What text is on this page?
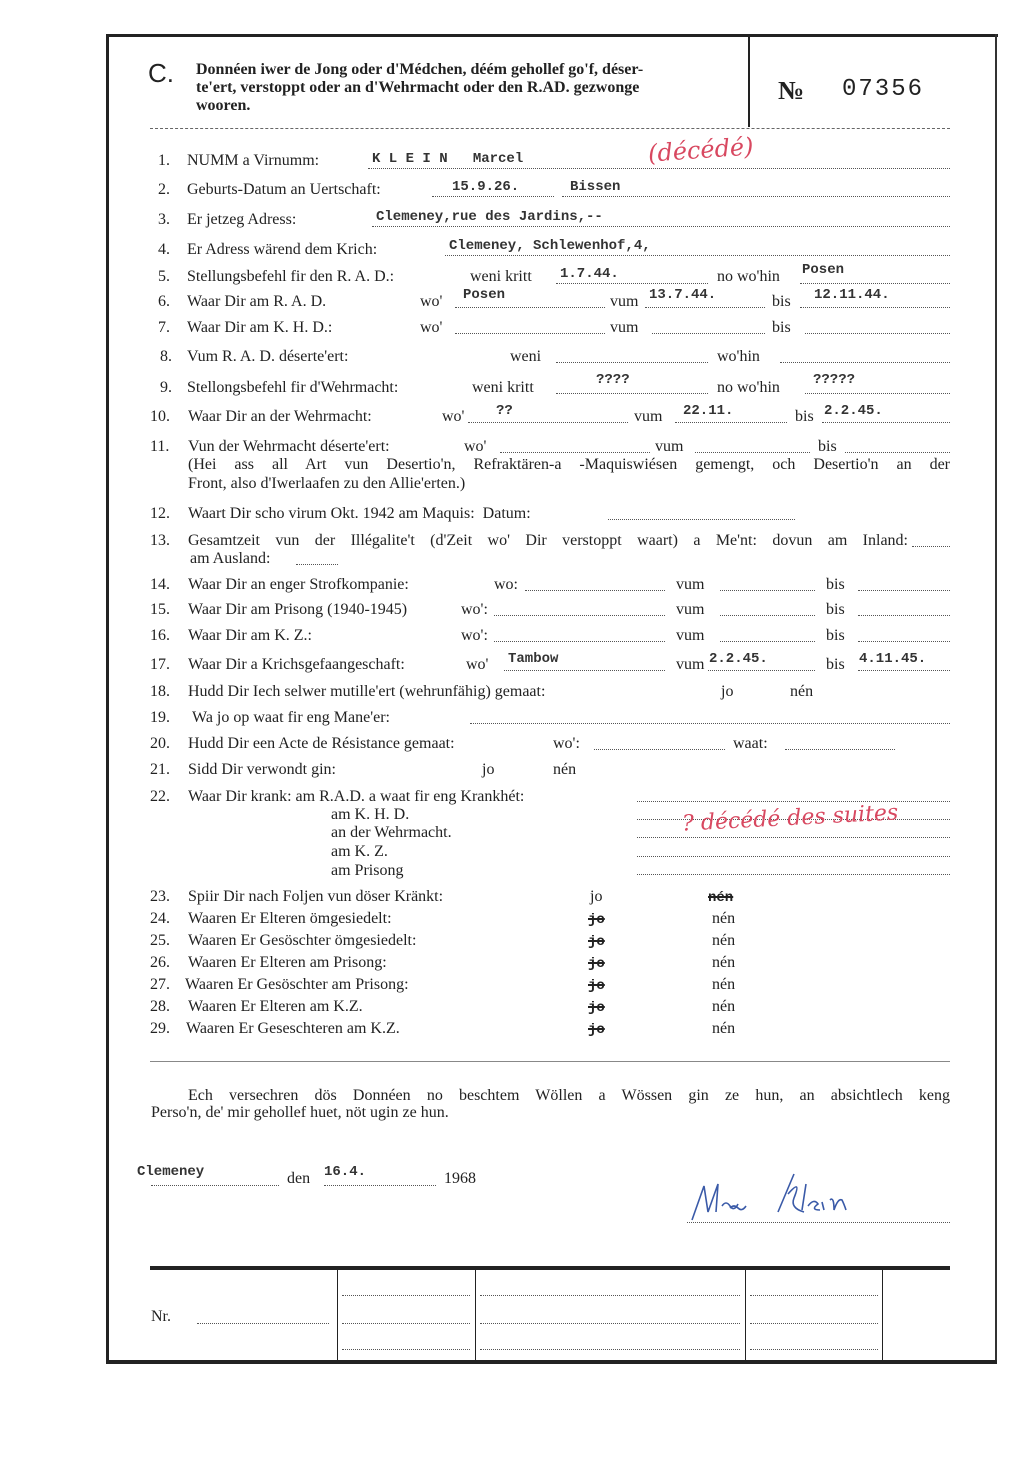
C. Donnéen iwer de Jong oder d'Médchen, déém gehollef go'f, déser-
te'ert, verstoppt oder an d'Wehrmacht oder den R.AD. gezwonge
wooren.
№ 07356
1. NUMM a Virnumm:	K L E I N   Marcel	(décédé)
2. Geburts-Datum an Uertschaft:	15.9.26.	Bissen
3. Er jetzeg Adress:	Clemeney,rue des Jardins,--
4. Er Adress wärend dem Krich:	Clemeney, Schlewenhof,4,
5. Stellungsbefehl fir den R. A. D.:	weni kritt 1.7.44.	no wo'hin Posen
6. Waar Dir am R. A. D.	wo' Posen	vum 13.7.44.	bis 12.11.44.
7. Waar Dir am K. H. D.:	wo'	vum	bis
8. Vum R. A. D. déserte'ert:	weni	wo'hin
9. Stellongsbefehl fir d'Wehrmacht:	weni kritt	????	no wo'hin ?????
10. Waar Dir an der Wehrmacht:	wo' ??	vum 22.11.	bis 2.2.45.
11. Vun der Wehrmacht déserte'ert:	wo'	vum	bis
(Hei ass all Art vun Desertio'n, Refraktären-a -Maquiswiésen gemengt, och Desertio'n an der
Front, also d'Iwerlaafen zu den Allie'erten.)
12. Waart Dir scho virum Okt. 1942 am Maquis:  Datum:
13. Gesamtzeit vun der Illégalite't (d'Zeit wo' Dir verstoppt waart) a Me'nt: dovun am Inland:
am Ausland:
14. Waar Dir an enger Strofkompanie:	wo:	vum	bis
15. Waar Dir am Prisong (1940-1945)	wo':	vum	bis
16. Waar Dir am K. Z.:	wo':	vum	bis
17. Waar Dir a Krichsgefaangeschaft:	wo' Tambow	vum 2.2.45.	bis 4.11.45.
18. Hudd Dir Iech selwer mutille'ert (wehrunfähig) gemaat:	jo	nén
19. Wa jo op waat fir eng Mane'er:
20. Hudd Dir een Acte de Résistance gemaat:	wo':	waat:
21. Sidd Dir verwondt gin:	jo	nén
22. Waar Dir krank: am R.A.D. a waat fir eng Krankhét:
am K. H. D.
an der Wehrmacht.
am K. Z.
am Prisong
? décédé des suites
23. Spiir Dir nach Foljen vun döser Kränkt:	jo	nén
24. Waaren Er Elteren ömgesiedelt:	jo	nén
25. Waaren Er Gesöschter ömgesiedelt:	jo	nén
26. Waaren Er Elteren am Prisong:	jo	nén
27. Waaren Er Gesöschter am Prisong:	jo	nén
28. Waaren Er Elteren am K.Z.	jo	nén
29. Waaren Er Geseschteren am K.Z.	jo	nén
Ech versechren dös Donnéen no beschtem Wöllen a Wössen gin ze hun, an absichtlech keng
Perso'n, de' mir gehollef huet, nöt ugin ze hun.
Clemeney	den 16.4.	1968
Nr.
